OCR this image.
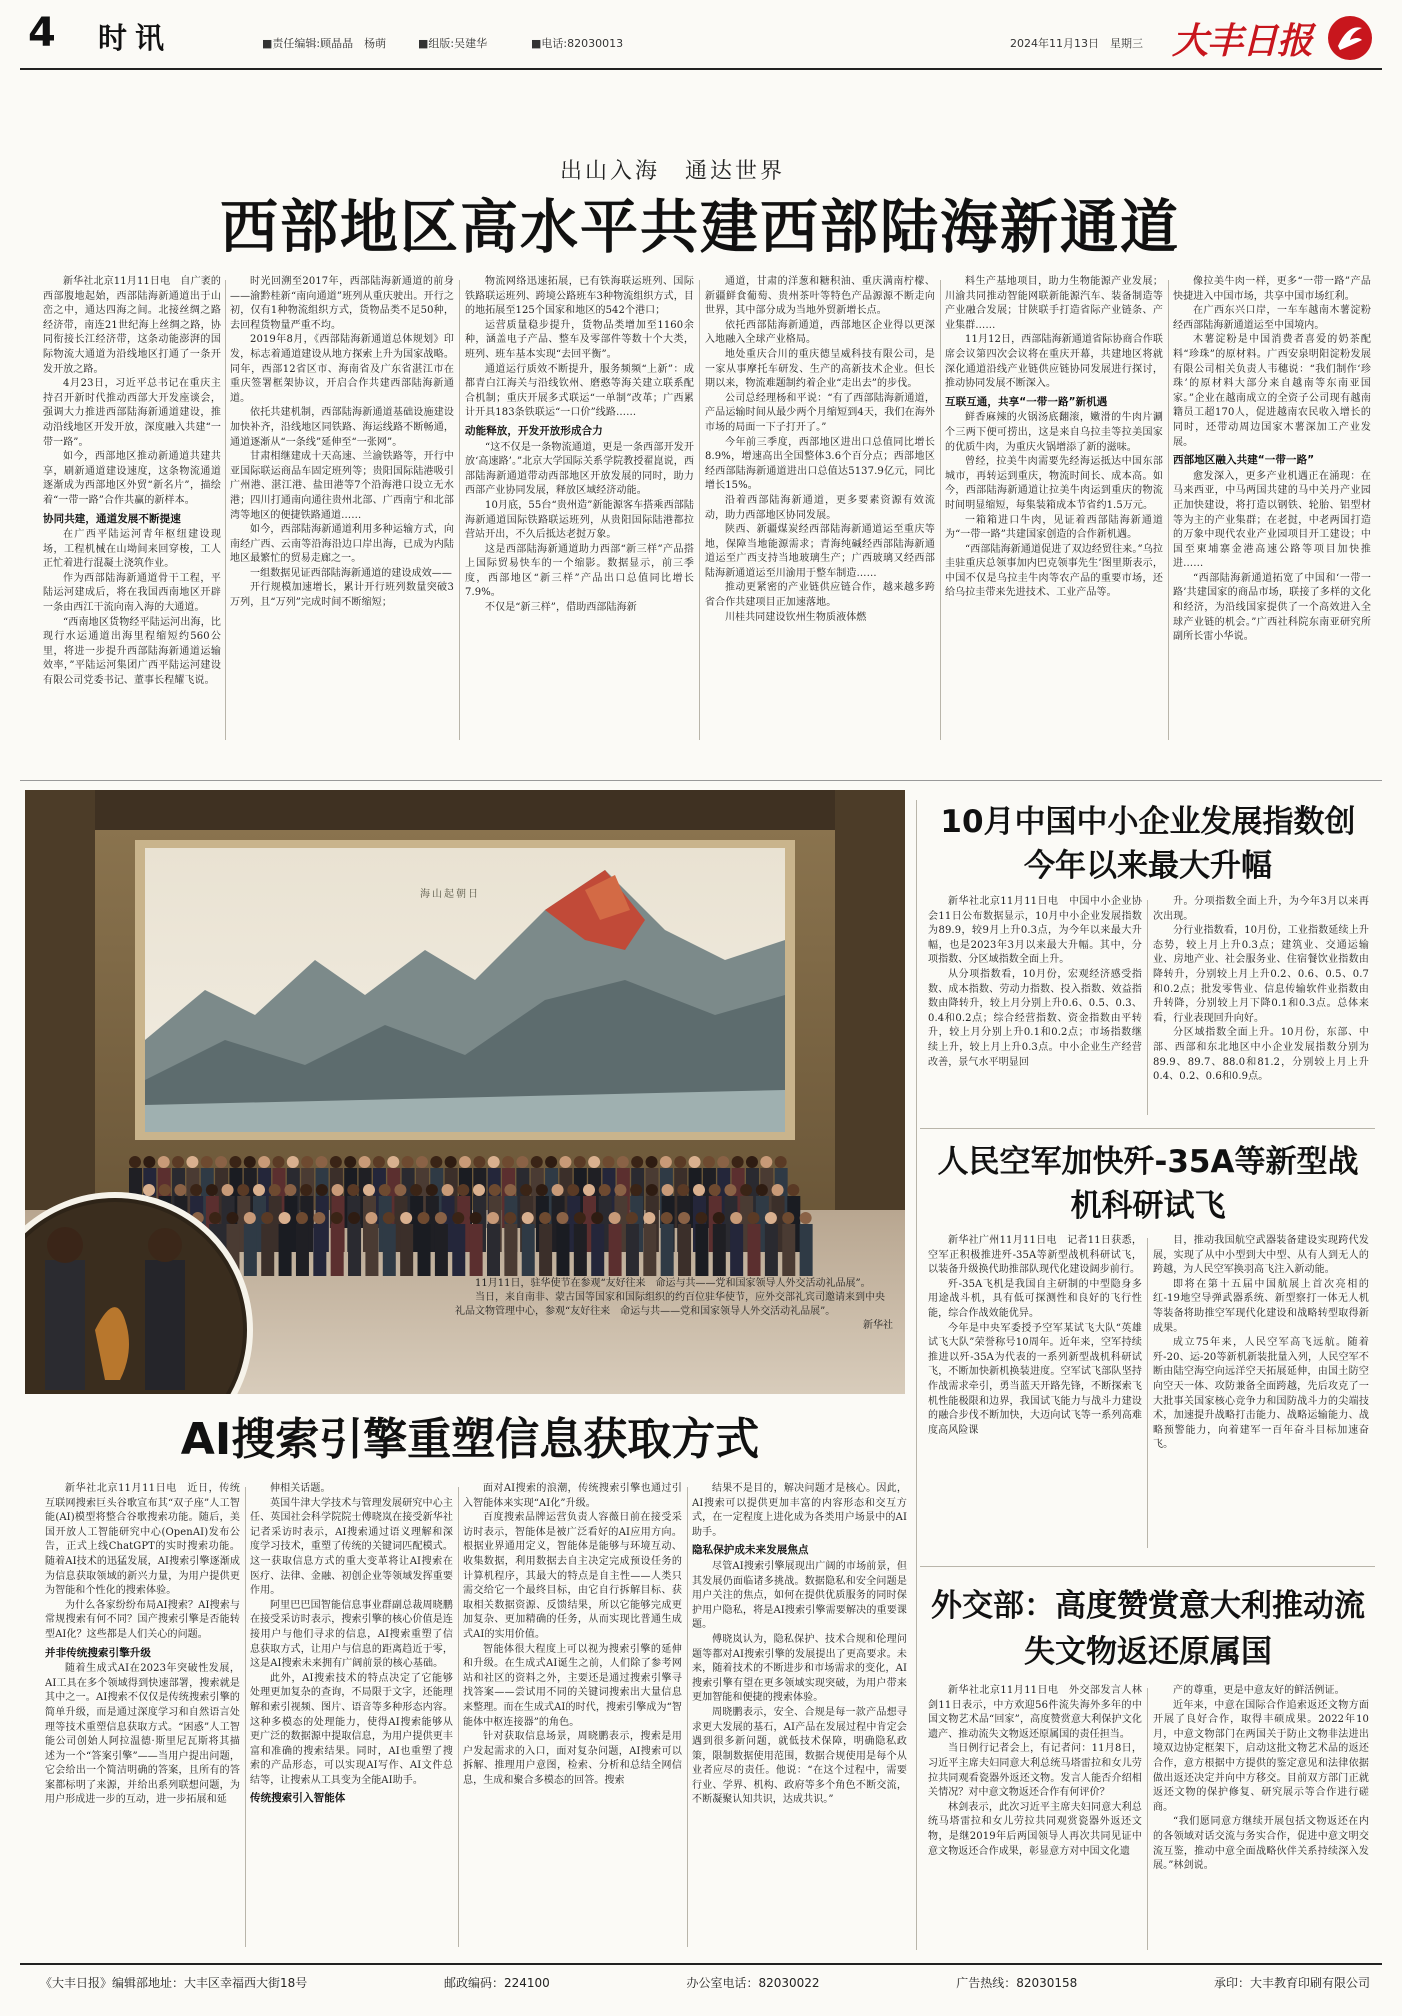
4 时讯	■责任编辑:顾晶晶　杨萌	■组版:吴建华	■电话:82030013	2024年11月13日　星期三 大丰日报
出山入海　通达世界
西部地区高水平共建西部陆海新通道

新华社北京11月11日电　自广袤的西部腹地起始，西部陆海新通道出于山峦之中，通达四海之间。北接丝绸之路经济带，南连21世纪海上丝绸之路，协同衔接长江经济带，这条动能澎湃的国际物流大通道为沿线地区打通了一条开发开放之路。

4月23日，习近平总书记在重庆主持召开新时代推动西部大开发座谈会，强调大力推进西部陆海新通道建设，推动沿线地区开发开放，深度融入共建“一带一路”。

如今，西部地区推动新通道共建共享，刷新通道建设速度，这条物流通道逐渐成为西部地区外贸“新名片”，描绘着“一带一路”合作共赢的新样本。

协同共建，通道发展不断提速

在广西平陆运河青年枢纽建设现场，工程机械在山坳间来回穿梭，工人正忙着进行混凝土浇筑作业。

作为西部陆海新通道骨干工程，平陆运河建成后，将在我国西南地区开辟一条由西江干流向南入海的大通道。

“西南地区货物经平陆运河出海，比现行水运通道出海里程缩短约560公里，将进一步提升西部陆海新通道运输效率，”平陆运河集团广西平陆运河建设有限公司党委书记、董事长程耀飞说。

时光回溯至2017年，西部陆海新通道的前身——渝黔桂新“南向通道”班列从重庆驶出。开行之初，仅有1种物流组织方式，货物品类不足50种，去回程货物量严重不均。

2019年8月，《西部陆海新通道总体规划》印发，标志着通道建设从地方探索上升为国家战略。同年，西部12省区市、海南省及广东省湛江市在重庆签署框架协议，开启合作共建西部陆海新通道。

依托共建机制，西部陆海新通道基础设施建设加快补齐，沿线地区同铁路、海运线路不断畅通，通道逐渐从“一条线”延伸至“一张网”。

甘肃相继建成十天高速、兰渝铁路等，开行中亚国际联运商品车固定班列等；贵阳国际陆港吸引广州港、湛江港、盐田港等7个沿海港口设立无水港；四川打通南向通往贵州北部、广西南宁和北部湾等地区的便捷铁路通道……

如今，西部陆海新通道利用多种运输方式，向南经广西、云南等沿海沿边口岸出海，已成为内陆地区最繁忙的贸易走廊之一。

一组数据见证西部陆海新通道的建设成效——

开行规模加速增长，累计开行班列数量突破3万列，且“万列”完成时间不断缩短；

物流网络迅速拓展，已有铁海联运班列、国际铁路联运班列、跨境公路班车3种物流组织方式，目的地拓展至125个国家和地区的542个港口；

运营质量稳步提升，货物品类增加至1160余种，涵盖电子产品、整车及零部件等数十个大类，班列、班车基本实现“去回平衡”。

通道运行质效不断提升，服务频频“上新”：成都青白江海关与沿线钦州、磨憨等海关建立联系配合机制；重庆开展多式联运“一单制”改革；广西累计开具183条铁联运“一口价”线路……

动能释放，开发开放形成合力

“这不仅是一条物流通道，更是一条西部开发开放‘高速路’。”北京大学国际关系学院教授翟崑说，西部陆海新通道带动西部地区开放发展的同时，助力西部产业协同发展，释放区域经济动能。

10月底，55台“贵州造”新能源客车搭乘西部陆海新通道国际铁路联运班列，从贵阳国际陆港都拉营站开出，不久后抵达老挝万象。

这是西部陆海新通道助力西部“新三样”产品搭上国际贸易快车的一个缩影。数据显示，前三季度，西部地区“新三样”产品出口总值同比增长7.9%。

不仅是“新三样”，借助西部陆海新

通道，甘肃的洋葱和糖积油、重庆满南柠檬、新疆鲜食葡萄、贵州茶叶等特色产品源源不断走向世界，其中部分成为当地外贸新增长点。

依托西部陆海新通道，西部地区企业得以更深入地融入全球产业格局。

地处重庆合川的重庆德呈威科技有限公司，是一家从事摩托车研发、生产的高新技术企业。但长期以来，物流难题制约着企业“走出去”的步伐。

公司总经理杨和平说：“有了西部陆海新通道，产品运输时间从最少两个月缩短到4天，我们在海外市场的局面一下子打开了。”

今年前三季度，西部地区进出口总值同比增长8.9%，增速高出全国整体3.6个百分点；西部地区经西部陆海新通道进出口总值达5137.9亿元，同比增长15%。

沿着西部陆海新通道，更多要素资源有效流动，助力西部地区协同发展。

陕西、新疆煤炭经西部陆海新通道运至重庆等地，保障当地能源需求；青海纯碱经西部陆海新通道运至广西支持当地玻璃生产；广西玻璃又经西部陆海新通道运至川渝用于整车制造……

推动更紧密的产业链供应链合作，越来越多跨省合作共建项目正加速落地。

川桂共同建设钦州生物质液体燃

料生产基地项目，助力生物能源产业发展；川渝共同推动智能网联新能源汽车、装备制造等产业融合发展；甘陕联手打造省际产业链条、产业集群……

11月12日，西部陆海新通道省际协商合作联席会议第四次会议将在重庆开幕，共建地区将就深化通道沿线产业链供应链协同发展进行探讨，推动协同发展不断深入。

互联互通，共享“一带一路”新机遇

鲜香麻辣的火锅汤底翻滚，嫩滑的牛肉片涮个三两下便可捞出，这是来自乌拉圭等拉美国家的优质牛肉，为重庆火锅增添了新的滋味。

曾经，拉美牛肉需要先经海运抵达中国东部城市，再转运到重庆，物流时间长、成本高。如今，西部陆海新通道让拉美牛肉运到重庆的物流时间明显缩短，每集装箱成本节省约1.5万元。

一箱箱进口牛肉，见证着西部陆海新通道为“一带一路”共建国家创造的合作新机遇。

“西部陆海新通道促进了双边经贸往来。”乌拉圭驻重庆总领事加内巴克领事先生’图里斯表示，中国不仅是乌拉圭牛肉等农产品的重要市场，还给乌拉圭带来先进技术、工业产品等。

像拉美牛肉一样，更多“一带一路”产品快捷进入中国市场，共享中国市场红利。

在广西东兴口岸，一车车越南木薯淀粉经西部陆海新通道运至中国境内。

木薯淀粉是中国消费者喜爱的奶茶配料“珍珠”的原材料。广西安泉明阳淀粉发展有限公司相关负责人韦穗说：“我们制作‘珍珠’的原材料大部分来自越南等东南亚国家。”企业在越南成立的全资子公司现有越南籍员工超170人，促进越南农民收入增长的同时，还带动周边国家木薯深加工产业发展。

西部地区融入共建“一带一路”

愈发深入，更多产业机遇正在涌现：在马来西亚，中马两国共建的马中关丹产业园正加快建设，将打造以钢铁、轮胎、铝型材等为主的产业集群；在老挝，中老两国打造的万象中现代农业产业园项目开工建设；中国至柬埔寨金港高速公路等项目加快推进……

“西部陆海新通道拓宽了中国和‘一带一路’共建国家的商品市场，联接了多样的文化和经济，为沿线国家提供了一个高效进入全球产业链的机会。”广西社科院东南亚研究所副所长雷小华说。

海山起朝日

11月11日，驻华使节在参观“友好往来　命运与共——党和国家领导人外交活动礼品展”。

当日，来自南非、蒙古国等国家和国际组织的约百位驻华使节，应外交部礼宾司邀请来到中央礼品文物管理中心，参观“友好往来　命运与共——党和国家领导人外交活动礼品展”。

新华社

10月中国中小企业发展指数创今年以来最大升幅

新华社北京11月11日电　中国中小企业协会11日公布数据显示，10月中小企业发展指数为89.9，较9月上升0.3点，为今年以来最大升幅，也是2023年3月以来最大升幅。其中，分项指数、分区域指数全面上升。

从分项指数看，10月份，宏观经济感受指数、成本指数、劳动力指数、投入指数、效益指数由降转升，较上月分别上升0.6、0.5、0.3、0.4和0.2点；综合经营指数、资金指数由平转升，较上月分别上升0.1和0.2点；市场指数继续上升，较上月上升0.3点。中小企业生产经营改善，景气水平明显回

升。分项指数全面上升，为今年3月以来再次出现。

分行业指数看，10月份，工业指数延续上升态势，较上月上升0.3点；建筑业、交通运输业、房地产业、社会服务业、住宿餐饮业指数由降转升，分别较上月上升0.2、0.6、0.5、0.7和0.2点；批发零售业、信息传输软件业指数由升转降，分别较上月下降0.1和0.3点。总体来看，行业表现回升向好。

分区域指数全面上升。10月份，东部、中部、西部和东北地区中小企业发展指数分别为89.9、89.7、88.0和81.2，分别较上月上升0.4、0.2、0.6和0.9点。

人民空军加快歼-35A等新型战机科研试飞

新华社广州11月11日电　记者11日获悉，空军正积极推进歼-35A等新型战机科研试飞，以装备升级换代助推部队现代化建设阔步前行。

歼-35A飞机是我国自主研制的中型隐身多用途战斗机，具有低可探测性和良好的飞行性能，综合作战效能优异。

今年是中央军委授予空军某试飞大队“英雄试飞大队”荣誉称号10周年。近年来，空军持续推进以歼-35A为代表的一系列新型战机科研试飞，不断加快新机换装进度。空军试飞部队坚持作战需求牵引，勇当蓝天开路先锋，不断探索飞机性能极限和边界，我国试飞能力与战斗力建设的融合步伐不断加快，大迈向试飞等一系列高难度高风险课

目，推动我国航空武器装备建设实现跨代发展，实现了从中小型到大中型、从有人到无人的跨越，为人民空军换羽高飞注入新动能。

即将在第十五届中国航展上首次亮相的红-19地空导弹武器系统、新型察打一体无人机等装备将助推空军现代化建设和战略转型取得新成果。

成立75年来，人民空军高飞远航。随着歼-20、运-20等新机新装批量入列，人民空军不断由陆空海空向远洋空天拓展延伸，由国土防空向空天一体、攻防兼备全面跨越，先后攻克了一大批事关国家核心竞争力和国防战斗力的尖端技术，加速提升战略打击能力、战略运输能力、战略预警能力，向着建军一百年奋斗目标加速奋飞。

AI搜索引擎重塑信息获取方式

新华社北京11月11日电　近日，传统互联网搜索巨头谷歌宣布其“双子座”人工智能(AI)模型将整合谷歌搜索功能。随后，美国开放人工智能研究中心(OpenAI)发布公告，正式上线ChatGPT的实时搜索功能。随着AI技术的迅猛发展，AI搜索引擎逐渐成为信息获取领域的新兴力量，为用户提供更为智能和个性化的搜索体验。

为什么各家纷纷布局AI搜索？AI搜索与常规搜索有何不同？国产搜索引擎是否能转型AI化？这些都是人们关心的问题。

并非传统搜索引擎升级

随着生成式AI在2023年突破性发展，AI工具在多个领域得到快速部署，搜索就是其中之一。AI搜索不仅仅是传统搜索引擎的简单升级，而是通过深度学习和自然语言处理等技术重塑信息获取方式。“困惑”人工智能公司创始人阿拉温德·斯里尼瓦斯将其描述为一个“答案引擎”——当用户提出问题，它会给出一个简洁明确的答案，且所有的答案都标明了来源，并给出系列联想问题，为用户形成进一步的互动，进一步拓展和延

伸相关话题。

英国牛津大学技术与管理发展研究中心主任、英国社会科学院院士傅晓岚在接受新华社记者采访时表示，AI搜索通过语义理解和深度学习技术，重塑了传统的关键词匹配模式。这一获取信息方式的重大变革将让AI搜索在医疗、法律、金融、初创企业等领域发挥重要作用。

阿里巴巴国智能信息事业群副总裁周晓鹏在接受采访时表示，搜索引擎的核心价值是连接用户与他们寻求的信息，AI搜索重塑了信息获取方式，让用户与信息的距离趋近于零，这是AI搜索未来拥有广阔前景的核心基础。

此外，AI搜索技术的特点决定了它能够处理更加复杂的查询，不局限于文字，还能理解和索引视频、图片、语音等多种形态内容。这种多模态的处理能力，使得AI搜索能够从更广泛的数据源中提取信息，为用户提供更丰富和准确的搜索结果。同时，AI也重塑了搜索的产品形态，可以实现AI写作、AI文件总结等，让搜索从工具变为全能AI助手。

传统搜索引入智能体

面对AI搜索的浪潮，传统搜索引擎也通过引入智能体来实现“AI化”升级。

百度搜索品牌运营负责人容薇日前在接受采访时表示，智能体是被广泛看好的AI应用方向。根据业界通用定义，智能体是能够与环境互动、收集数据，利用数据去自主决定完成预设任务的计算机程序，其最大的特点是自主性——人类只需交给它一个最终目标，由它自行拆解目标、获取相关数据资源、反馈结果，所以它能够完成更加复杂、更加精确的任务，从而实现比普通生成式AI的实用价值。

智能体很大程度上可以视为搜索引擎的延伸和升级。在生成式AI诞生之前，人们除了参考网站和社区的资料之外，主要还是通过搜索引擎寻找答案——尝试用不同的关键词搜索出大量信息来整理。而在生成式AI的时代，搜索引擎成为“智能体中枢连接器”的角色。

针对获取信息场景，周晓鹏表示，搜索是用户发起需求的入口，面对复杂问题，AI搜索可以拆解、推理用户意图，检索、分析和总结全网信息，生成和聚合多模态的回答。搜索

结果不是目的，解决问题才是核心。因此，AI搜索可以提供更加丰富的内容形态和交互方式，在一定程度上进化成为各类用户场景中的AI助手。

隐私保护成未来发展焦点

尽管AI搜索引擎展现出广阔的市场前景，但其发展仍面临诸多挑战。数据隐私和安全问题是用户关注的焦点，如何在提供优质服务的同时保护用户隐私，将是AI搜索引擎需要解决的重要课题。

傅晓岚认为，隐私保护、技术合规和伦理问题等都对AI搜索引擎的发展提出了更高要求。未来，随着技术的不断进步和市场需求的变化，AI搜索引擎有望在更多领域实现突破，为用户带来更加智能和便捷的搜索体验。

周晓鹏表示，安全、合规是每一款产品想寻求更大发展的基石，AI产品在发展过程中肯定会遇到很多新问题，就低技术保障，明确隐私政策，限制数据使用范围，数据合规使用是每个从业者应尽的责任。他说：“在这个过程中，需要行业、学界、机构、政府等多个角色不断交流，不断凝聚认知共识，达成共识。”

外交部：高度赞赏意大利推动流失文物返还原属国

新华社北京11月11日电　外交部发言人林剑11日表示，中方欢迎56件流失海外多年的中国文物艺术品“回家”，高度赞赏意大利保护文化遗产、推动流失文物返还原属国的责任担当。

当日例行记者会上，有记者问：11月8日，习近平主席夫妇同意大利总统马塔雷拉和女儿劳拉共同观看瓷器外返还文物。发言人能否介绍相关情况？对中意文物返还合作有何评价？

林剑表示，此次习近平主席夫妇同意大利总统马塔雷拉和女儿劳拉共同观赏瓷器外返还文物，是继2019年后两国领导人再次共同见证中意文物返还合作成果，彰显意方对中国文化遗

产的尊重，更是中意友好的鲜活例证。

近年来，中意在国际合作追索返还文物方面开展了良好合作，取得丰硕成果。2022年10月，中意文物部门在两国关于防止文物非法进出境双边协定框架下，启动这批文物艺术品的返还合作，意方根据中方提供的鉴定意见和法律依据做出返还决定并向中方移交。目前双方部门正就返还文物的保护修复、研究展示等合作进行磋商。

“我们愿同意方继续开展包括文物返还在内的各领域对话交流与务实合作，促进中意文明交流互鉴，推动中意全面战略伙伴关系持续深入发展。”林剑说。

《大丰日报》编辑部地址：大丰区幸福西大街18号	邮政编码：224100	办公室电话：82030022	广告热线：82030158	承印：大丰教育印刷有限公司
